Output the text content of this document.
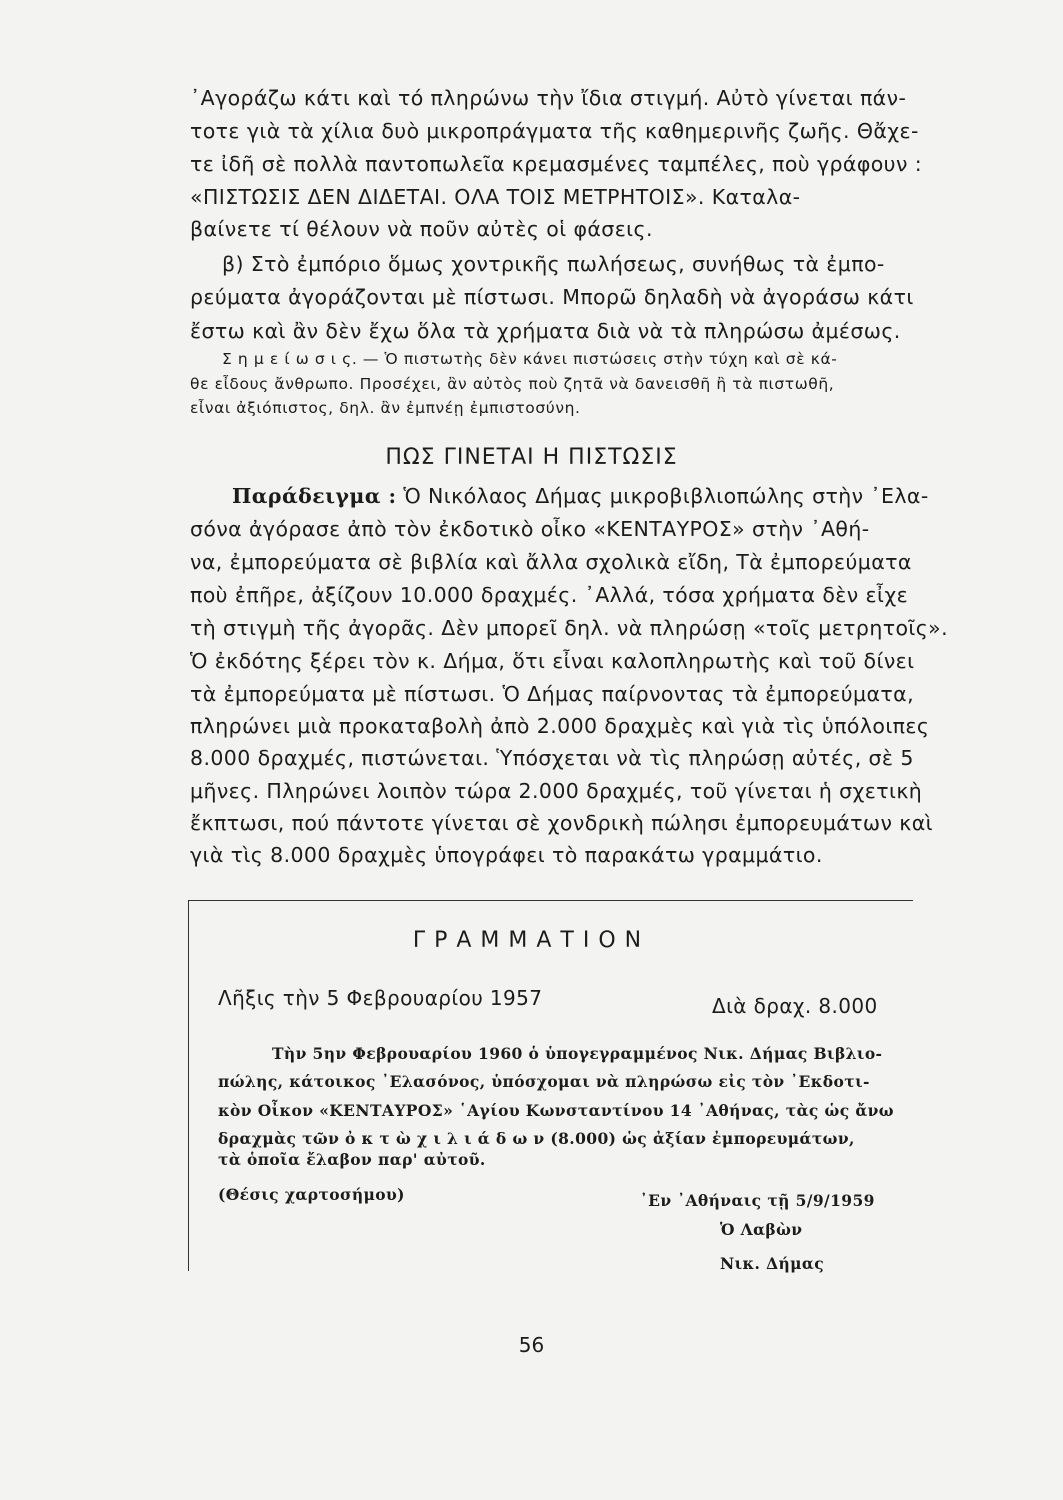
᾿Αγοράζω κάτι καὶ τό πληρώνω τὴν ἴδια στιγμή. Αὐτὸ γίνεται πάν-
τοτε γιὰ τὰ χίλια δυὸ μικροπράγματα τῆς καθημερινῆς ζωῆς. Θἄχε-
τε ἰδῆ σὲ πολλὰ παντοπωλεῖα κρεμασμένες ταμπέλες, ποὺ γράφουν :
«ΠΙΣΤΩΣΙΣ ΔΕΝ ΔΙΔΕΤΑΙ. ΟΛΑ ΤΟΙΣ ΜΕΤΡΗΤΟΙΣ». Καταλα-
βαίνετε τί θέλουν νὰ ποῦν αὐτὲς οἱ φάσεις.
β) Στὸ ἐμπόριο ὅμως χοντρικῆς πωλήσεως, συνήθως τὰ ἐμπο-
ρεύματα ἀγοράζονται μὲ πίστωσι. Μπορῶ δηλαδὴ νὰ ἀγοράσω κάτι
ἔστω καὶ ἂν δὲν ἔχω ὅλα τὰ χρήματα διὰ νὰ τὰ πληρώσω ἀμέσως.
Σ η μ ε ί ω σ ι ς. — Ὁ πιστωτὴς δὲν κάνει πιστώσεις στὴν τύχη καὶ σὲ κά-
θε εἶδους ἄνθρωπο. Προσέχει, ἂν αὐτὸς ποὺ ζητᾶ νὰ δανεισθῆ ἢ τὰ πιστωθῆ,
εἶναι ἀξιόπιστος, δηλ. ἂν ἐμπνέῃ ἐμπιστοσύνη.
ΠΩΣ ΓΙΝΕΤΑΙ Η ΠΙΣΤΩΣΙΣ
Παράδειγμα : Ὁ Νικόλαος Δήμας μικροβιβλιοπώλης στὴν ᾿Ελα-
σόνα ἀγόρασε ἀπὸ τὸν ἐκδοτικὸ οἶκο «ΚΕΝΤΑΥΡΟΣ» στὴν ᾿Αθή-
να, ἐμπορεύματα σὲ βιβλία καὶ ἄλλα σχολικὰ εἴδη, Τὰ ἐμπορεύματα
ποὺ ἐπῆρε, ἀξίζουν 10.000 δραχμές. ᾿Αλλά, τόσα χρήματα δὲν εἶχε
τὴ στιγμὴ τῆς ἀγορᾶς. Δὲν μπορεῖ δηλ. νὰ πληρώσῃ «τοῖς μετρητοῖς».
Ὁ ἐκδότης ξέρει τὸν κ. Δήμα, ὅτι εἶναι καλοπληρωτὴς καὶ τοῦ δίνει
τὰ ἐμπορεύματα μὲ πίστωσι. Ὁ Δήμας παίρνοντας τὰ ἐμπορεύματα,
πληρώνει μιὰ προκαταβολὴ ἀπὸ 2.000 δραχμὲς καὶ γιὰ τὶς ὑπόλοιπες
8.000 δραχμές, πιστώνεται. Ὑπόσχεται νὰ τὶς πληρώσῃ αὐτές, σὲ 5
μῆνες. Πληρώνει λοιπὸν τώρα 2.000 δραχμές, τοῦ γίνεται ἡ σχετικὴ
ἔκπτωσι, πού πάντοτε γίνεται σὲ χονδρικὴ πώλησι ἐμπορευμάτων καὶ
γιὰ τὶς 8.000 δραχμὲς ὑπογράφει τὸ παρακάτω γραμμάτιο.
ΓΡΑΜΜΑΤΙΟΝ
Λῆξις τὴν 5 Φεβρουαρίου 1957	Διὰ δραχ. 8.000
Τὴν 5ην Φεβρουαρίου 1960 ὁ ὑπογεγραμμένος Νικ. Δήμας Βιβλιο-
πώλης, κάτοικος ᾿Ελασόνος, ὑπόσχομαι νὰ πληρώσω εἰς τὸν ᾿Εκδοτι-
κὸν Οἶκον «ΚΕΝΤΑΥΡΟΣ» ῾Αγίου Κωνσταντίνου 14 ᾿Αθήνας, τὰς ὡς ἄνω
δραχμὰς τῶν ὀ κ τ ὼ χ ι λ ι ά δ ω ν (8.000) ὡς ἀξίαν ἐμπορευμάτων,
τὰ ὁποῖα ἔλαβον παρ' αὐτοῦ.
(Θέσις χαρτοσήμου)	᾿Εν ᾿Αθήναις τῇ 5/9/1959
Ὁ Λαβὼν
Νικ. Δήμας
56
